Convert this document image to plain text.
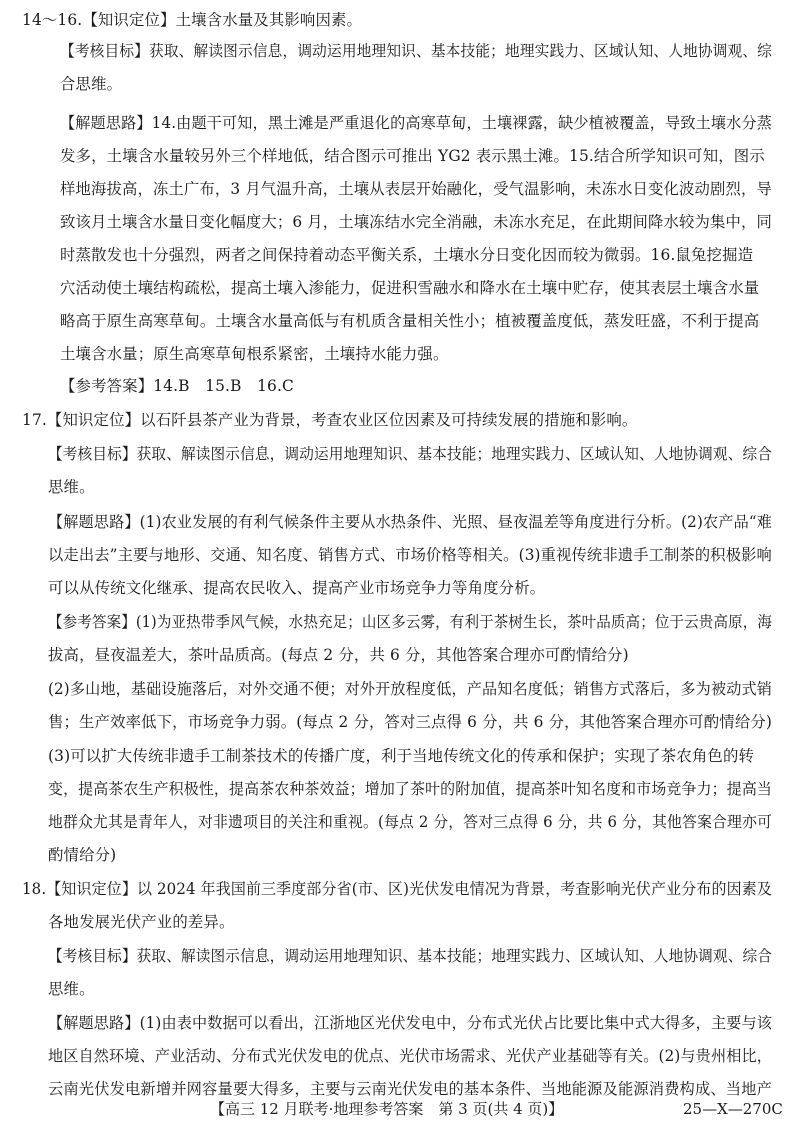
14～16.【知识定位】土壤含水量及其影响因素。
【考核目标】获取、解读图示信息，调动运用地理知识、基本技能；地理实践力、区域认知、人地协调观、综
合思维。
【解题思路】14.由题干可知，黑土滩是严重退化的高寒草甸，土壤裸露，缺少植被覆盖，导致土壤水分蒸
发多，土壤含水量较另外三个样地低，结合图示可推出 YG2 表示黑土滩。15.结合所学知识可知，图示
样地海拔高，冻土广布，3 月气温升高，土壤从表层开始融化，受气温影响，未冻水日变化波动剧烈，导
致该月土壤含水量日变化幅度大；6 月，土壤冻结水完全消融，未冻水充足，在此期间降水较为集中，同
时蒸散发也十分强烈，两者之间保持着动态平衡关系，土壤水分日变化因而较为微弱。16.鼠兔挖掘造
穴活动使土壤结构疏松，提高土壤入渗能力，促进积雪融水和降水在土壤中贮存，使其表层土壤含水量
略高于原生高寒草甸。土壤含水量高低与有机质含量相关性小；植被覆盖度低，蒸发旺盛，不利于提高
土壤含水量；原生高寒草甸根系紧密，土壤持水能力强。
【参考答案】14.B　15.B　16.C
17.【知识定位】以石阡县茶产业为背景，考查农业区位因素及可持续发展的措施和影响。
【考核目标】获取、解读图示信息，调动运用地理知识、基本技能；地理实践力、区域认知、人地协调观、综合
思维。
【解题思路】(1)农业发展的有利气候条件主要从水热条件、光照、昼夜温差等角度进行分析。(2)农产品“难
以走出去”主要与地形、交通、知名度、销售方式、市场价格等相关。(3)重视传统非遗手工制茶的积极影响
可以从传统文化继承、提高农民收入、提高产业市场竞争力等角度分析。
【参考答案】(1)为亚热带季风气候，水热充足；山区多云雾，有利于茶树生长，茶叶品质高；位于云贵高原，海
拔高，昼夜温差大，茶叶品质高。(每点 2 分，共 6 分，其他答案合理亦可酌情给分)
(2)多山地，基础设施落后，对外交通不便；对外开放程度低，产品知名度低；销售方式落后，多为被动式销
售；生产效率低下，市场竞争力弱。(每点 2 分，答对三点得 6 分，共 6 分，其他答案合理亦可酌情给分)
(3)可以扩大传统非遗手工制茶技术的传播广度，利于当地传统文化的传承和保护；实现了茶农角色的转
变，提高茶农生产积极性，提高茶农种茶效益；增加了茶叶的附加值，提高茶叶知名度和市场竞争力；提高当
地群众尤其是青年人，对非遗项目的关注和重视。(每点 2 分，答对三点得 6 分，共 6 分，其他答案合理亦可
酌情给分)
18.【知识定位】以 2024 年我国前三季度部分省(市、区)光伏发电情况为背景，考查影响光伏产业分布的因素及
各地发展光伏产业的差异。
【考核目标】获取、解读图示信息，调动运用地理知识、基本技能；地理实践力、区域认知、人地协调观、综合
思维。
【解题思路】(1)由表中数据可以看出，江浙地区光伏发电中，分布式光伏占比要比集中式大得多，主要与该
地区自然环境、产业活动、分布式光伏发电的优点、光伏市场需求、光伏产业基础等有关。(2)与贵州相比，
云南光伏发电新增并网容量要大得多，主要与云南光伏发电的基本条件、当地能源及能源消费构成、当地产
【高三 12 月联考·地理参考答案　第 3 页(共 4 页)】	25—X—270C
